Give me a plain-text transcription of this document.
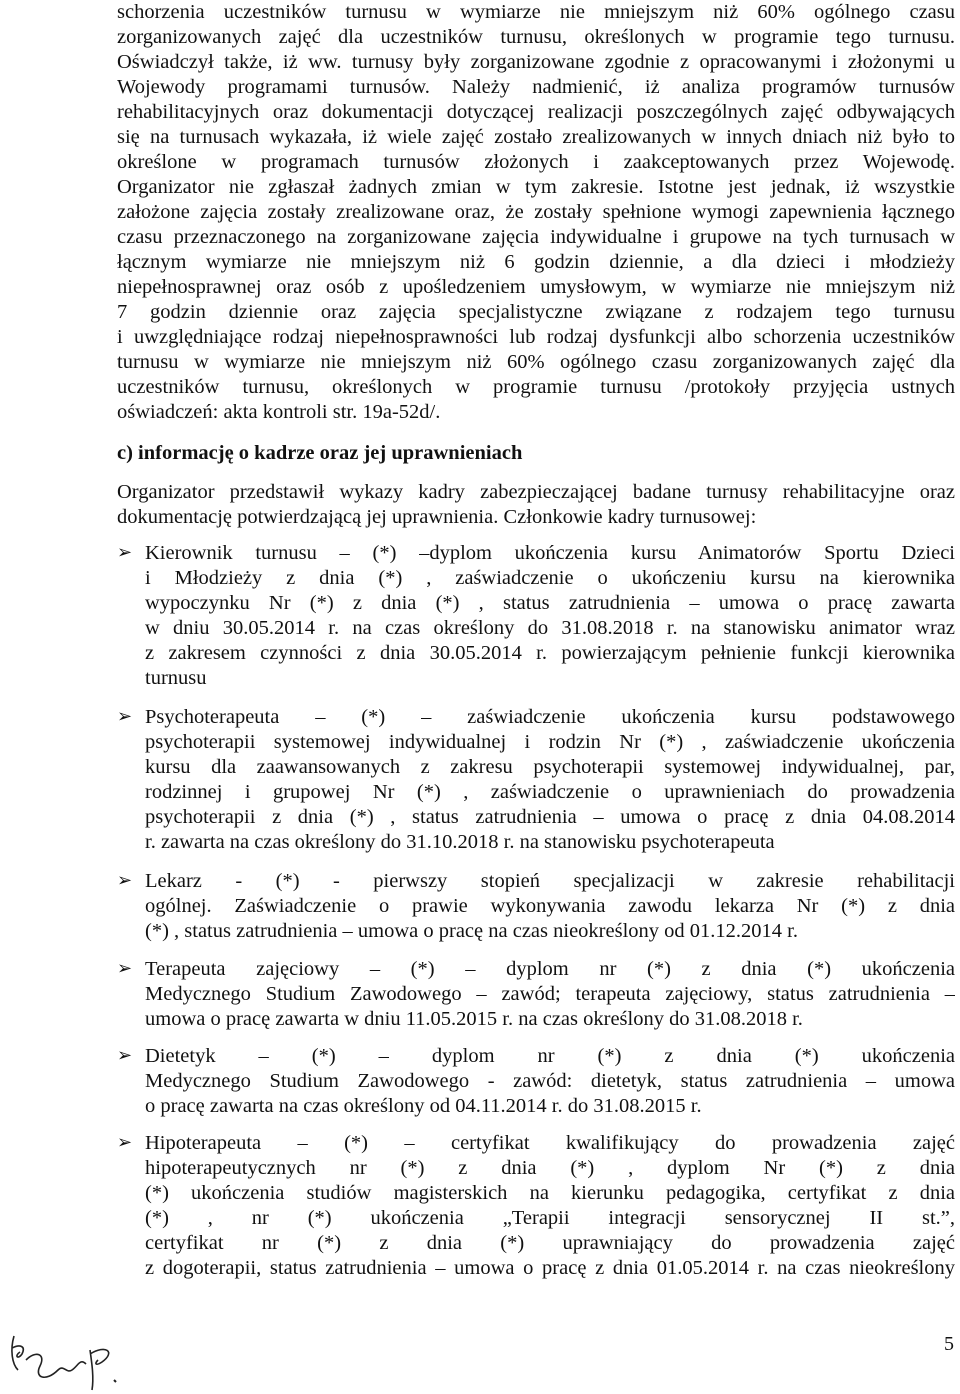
schorzenia uczestników turnusu w wymiarze nie mniejszym niż 60% ogólnego czasu
zorganizowanych zajęć dla uczestników turnusu, określonych w programie tego turnusu.
Oświadczył także, iż ww. turnusy były zorganizowane zgodnie z opracowanymi i złożonymi u
Wojewody programami turnusów. Należy nadmienić, iż analiza programów turnusów
rehabilitacyjnych oraz dokumentacji dotyczącej realizacji poszczególnych zajęć odbywających
się na turnusach wykazała, iż wiele zajęć zostało zrealizowanych w innych dniach niż było to
określone w programach turnusów złożonych i zaakceptowanych przez Wojewodę.
Organizator nie zgłaszał żadnych zmian w tym zakresie. Istotne jest jednak, iż wszystkie
założone zajęcia zostały zrealizowane oraz, że zostały spełnione wymogi zapewnienia łącznego
czasu przeznaczonego na zorganizowane zajęcia indywidualne i grupowe na tych turnusach w
łącznym wymiarze nie mniejszym niż 6 godzin dziennie, a dla dzieci i młodzieży
niepełnosprawnej oraz osób z upośledzeniem umysłowym, w wymiarze nie mniejszym niż
7 godzin dziennie oraz zajęcia specjalistyczne związane z rodzajem tego turnusu
i uwzględniające rodzaj niepełnosprawności lub rodzaj dysfunkcji albo schorzenia uczestników
turnusu w wymiarze nie mniejszym niż 60% ogólnego czasu zorganizowanych zajęć dla
uczestników turnusu, określonych w programie turnusu /protokoły przyjęcia ustnych
oświadczeń: akta kontroli str. 19a-52d/.
c) informację o kadrze oraz jej uprawnieniach
Organizator przedstawił wykazy kadry zabezpieczającej badane turnusy rehabilitacyjne oraz
dokumentację potwierdzającą jej uprawnienia. Członkowie kadry turnusowej:
➢ Kierownik turnusu – (*) –dyplom ukończenia kursu Animatorów Sportu Dzieci
i Młodzieży z dnia (*) , zaświadczenie o ukończeniu kursu na kierownika
wypoczynku Nr (*) z dnia (*) , status zatrudnienia – umowa o pracę zawarta
w dniu 30.05.2014 r. na czas określony do 31.08.2018 r. na stanowisku animator wraz
z zakresem czynności z dnia 30.05.2014 r. powierzającym pełnienie funkcji kierownika
turnusu
➢ Psychoterapeuta – (*) – zaświadczenie ukończenia kursu podstawowego
psychoterapii systemowej indywidualnej i rodzin Nr (*) , zaświadczenie ukończenia
kursu dla zaawansowanych z zakresu psychoterapii systemowej indywidualnej, par,
rodzinnej i grupowej Nr (*) , zaświadczenie o uprawnieniach do prowadzenia
psychoterapii z dnia (*) , status zatrudnienia – umowa o pracę z dnia 04.08.2014
r. zawarta na czas określony do 31.10.2018 r. na stanowisku psychoterapeuta
➢ Lekarz - (*) - pierwszy stopień specjalizacji w zakresie rehabilitacji
ogólnej. Zaświadczenie o prawie wykonywania zawodu lekarza Nr (*) z dnia
(*) , status zatrudnienia – umowa o pracę na czas nieokreślony od 01.12.2014 r.
➢ Terapeuta zajęciowy – (*) – dyplom nr (*) z dnia (*) ukończenia
Medycznego Studium Zawodowego – zawód; terapeuta zajęciowy, status zatrudnienia –
umowa o pracę zawarta w dniu 11.05.2015 r. na czas określony do 31.08.2018 r.
➢ Dietetyk – (*) – dyplom nr (*) z dnia (*) ukończenia
Medycznego Studium Zawodowego - zawód: dietetyk, status zatrudnienia – umowa
o pracę zawarta na czas określony od 04.11.2014 r. do 31.08.2015 r.
➢ Hipoterapeuta – (*) – certyfikat kwalifikujący do prowadzenia zajęć
hipoterapeutycznych nr (*) z dnia (*) , dyplom Nr (*) z dnia
(*) ukończenia studiów magisterskich na kierunku pedagogika, certyfikat z dnia
(*) , nr (*) ukończenia „Terapii integracji sensorycznej II st.”,
certyfikat nr (*) z dnia (*) uprawniający do prowadzenia zajęć
z dogoterapii, status zatrudnienia – umowa o pracę z dnia 01.05.2014 r. na czas nieokreślony
5
